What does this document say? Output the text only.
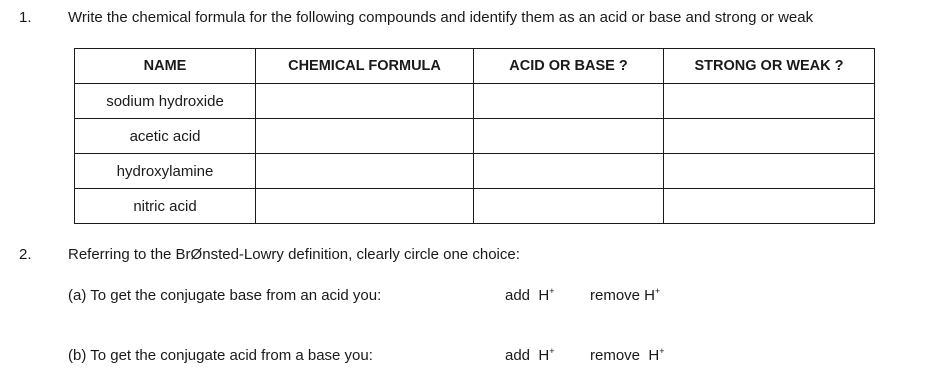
1. Write the chemical formula for the following compounds and identify them as an acid or base and strong or weak
NAME	CHEMICAL FORMULA	ACID OR BASE ?	STRONG OR WEAK ?
sodium hydroxide			
acetic acid			
hydroxylamine			
nitric acid			
2. Referring to the BrØnsted-Lowry definition, clearly circle one choice:
(a) To get the conjugate base from an acid you:	add  H+ remove H+
(b) To get the conjugate acid from a base you:	add  H+ remove  H+
